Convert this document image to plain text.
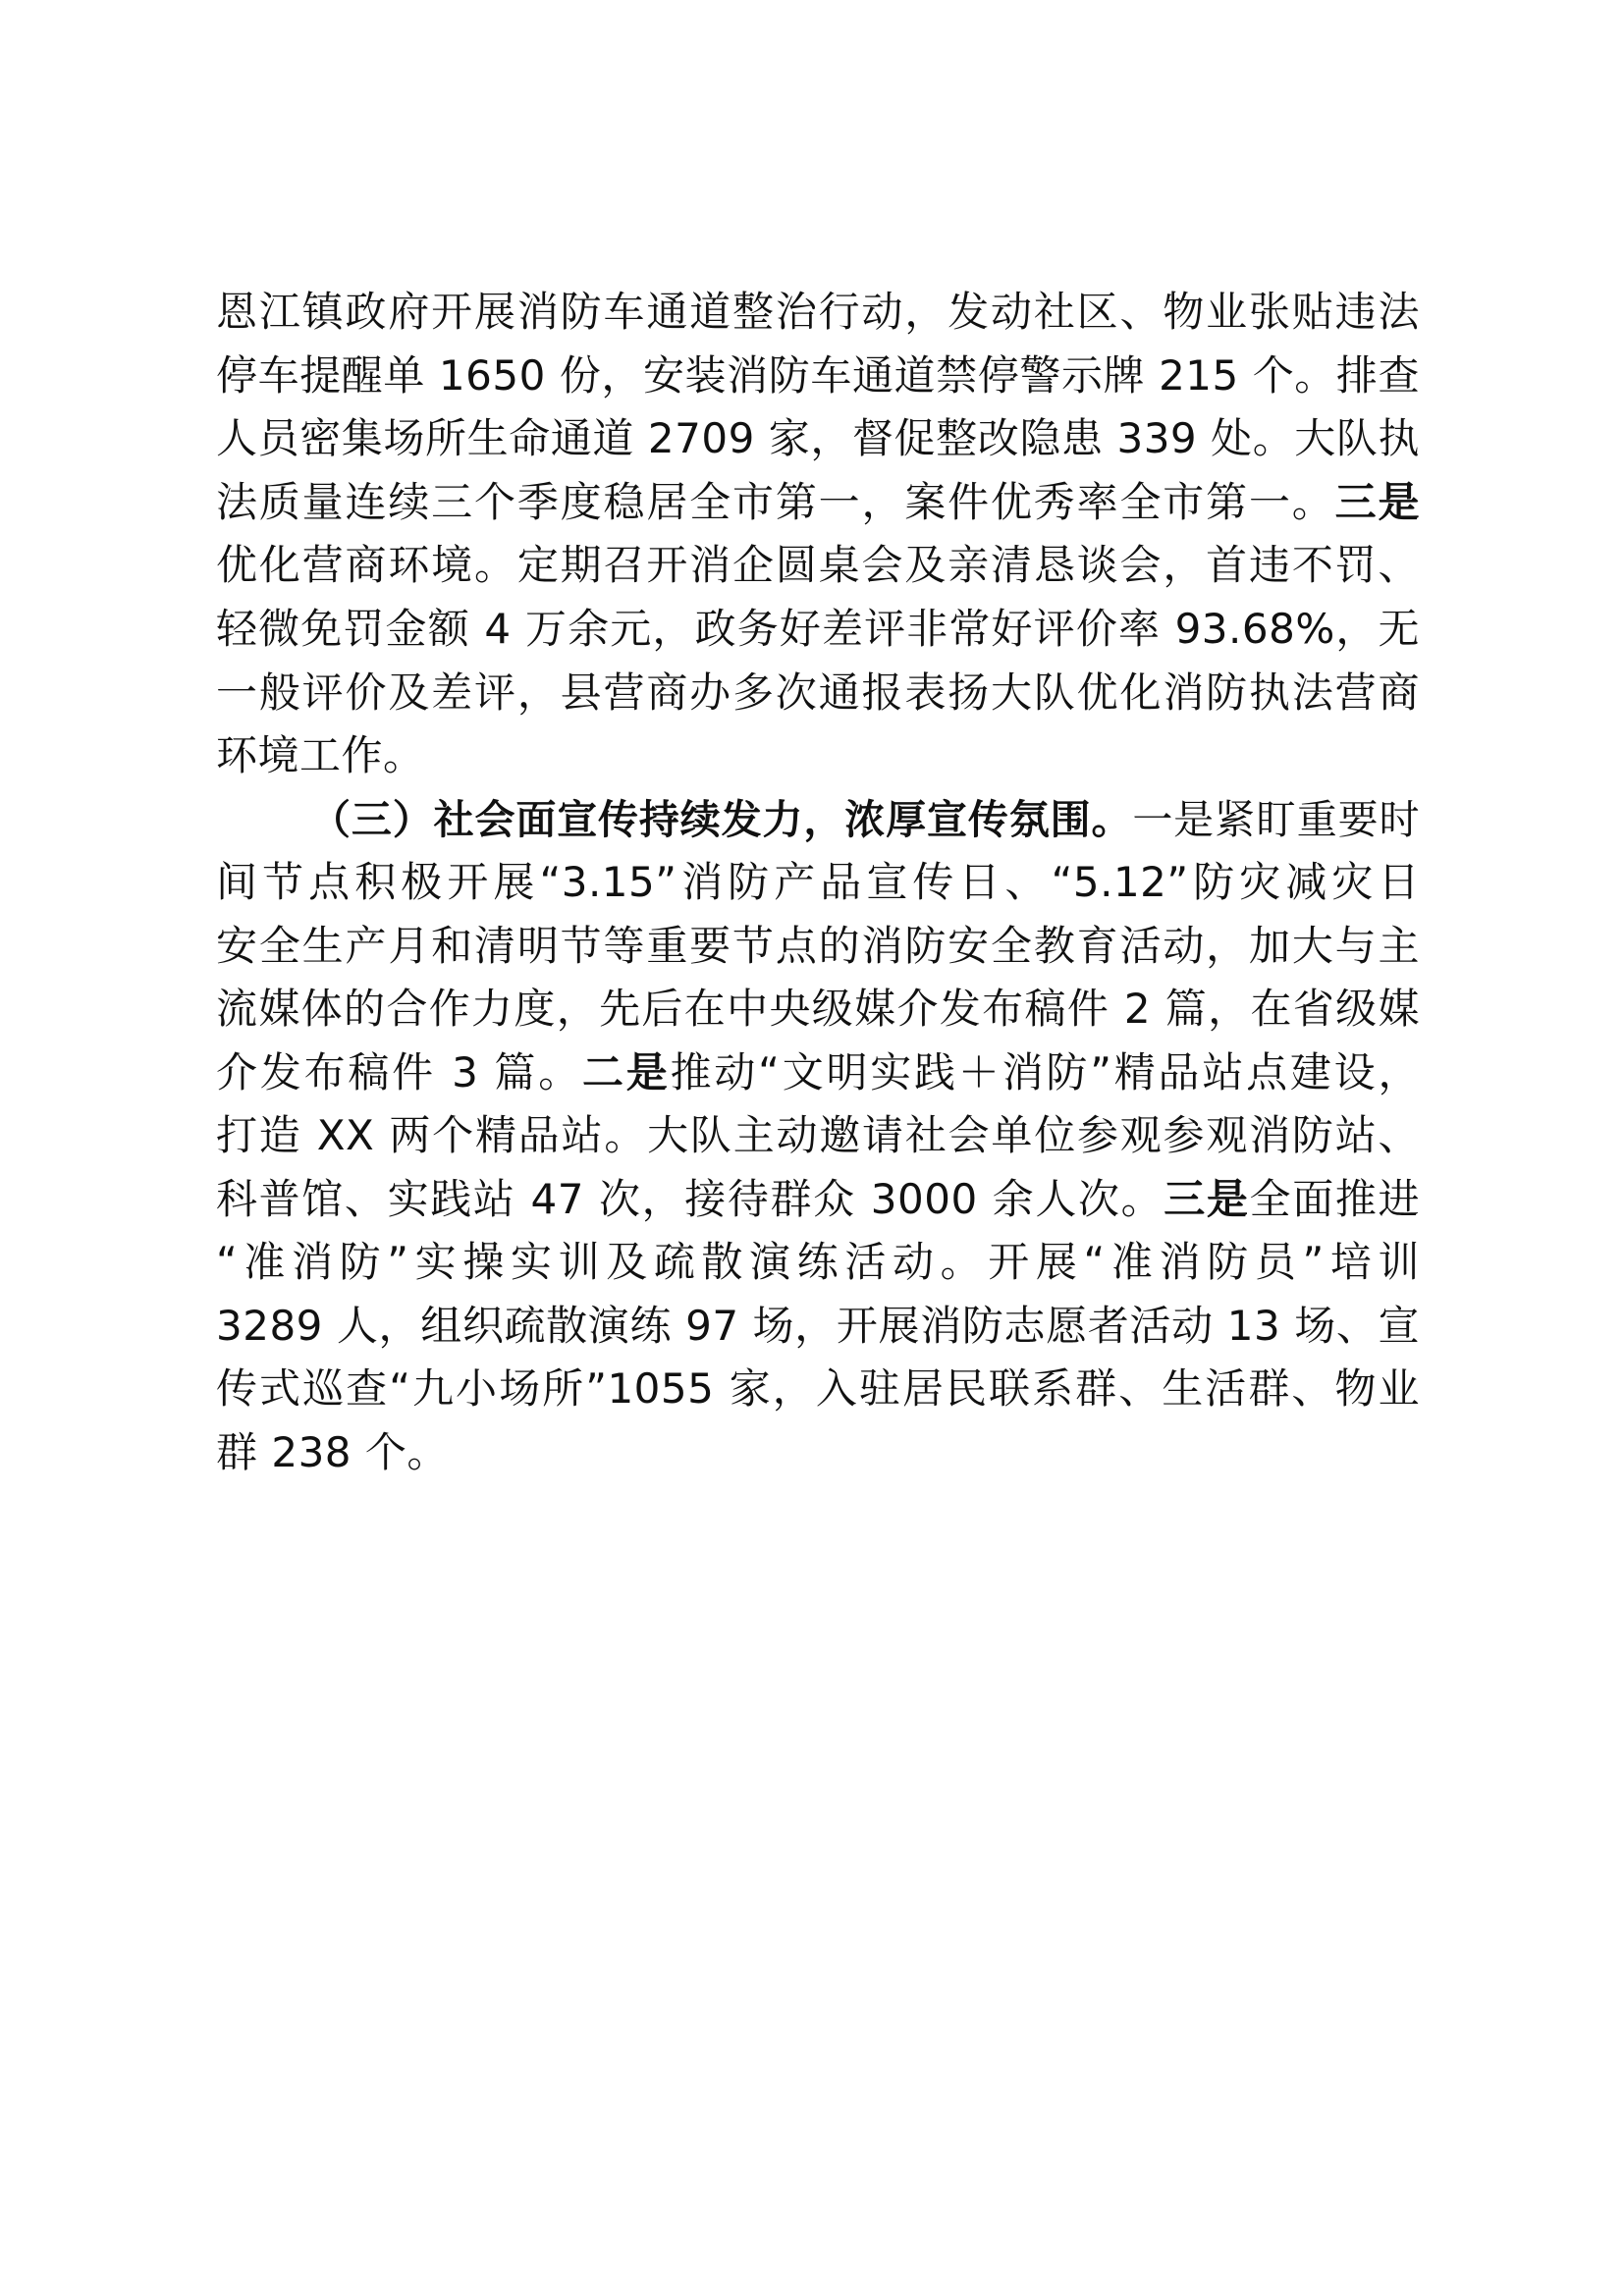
恩江镇政府开展消防车通道整治行动，发动社区、物业张贴违法
停车提醒单 1650 份，安装消防车通道禁停警示牌 215 个。排查
人员密集场所生命通道 2709 家，督促整改隐患 339 处。大队执
法质量连续三个季度稳居全市第一，案件优秀率全市第一。三是
优化营商环境。定期召开消企圆桌会及亲清恳谈会，首违不罚、
轻微免罚金额 4 万余元，政务好差评非常好评价率 93.68%，无
一般评价及差评，县营商办多次通报表扬大队优化消防执法营商
环境工作。
（三）社会面宣传持续发力，浓厚宣传氛围。一是紧盯重要时
间节点积极开展“3.15”消防产品宣传日、“5.12”防灾减灾日
安全生产月和清明节等重要节点的消防安全教育活动，加大与主
流媒体的合作力度，先后在中央级媒介发布稿件 2 篇，在省级媒
介发布稿件 3 篇。二是推动“文明实践＋消防”精品站点建设，
打造 XX 两个精品站。大队主动邀请社会单位参观参观消防站、
科普馆、实践站 47 次，接待群众 3000 余人次。三是全面推进
“准消防”实操实训及疏散演练活动。开展“准消防员”培训
3289 人，组织疏散演练 97 场，开展消防志愿者活动 13 场、宣
传式巡查“九小场所”1055 家，入驻居民联系群、生活群、物业
群 238 个。
